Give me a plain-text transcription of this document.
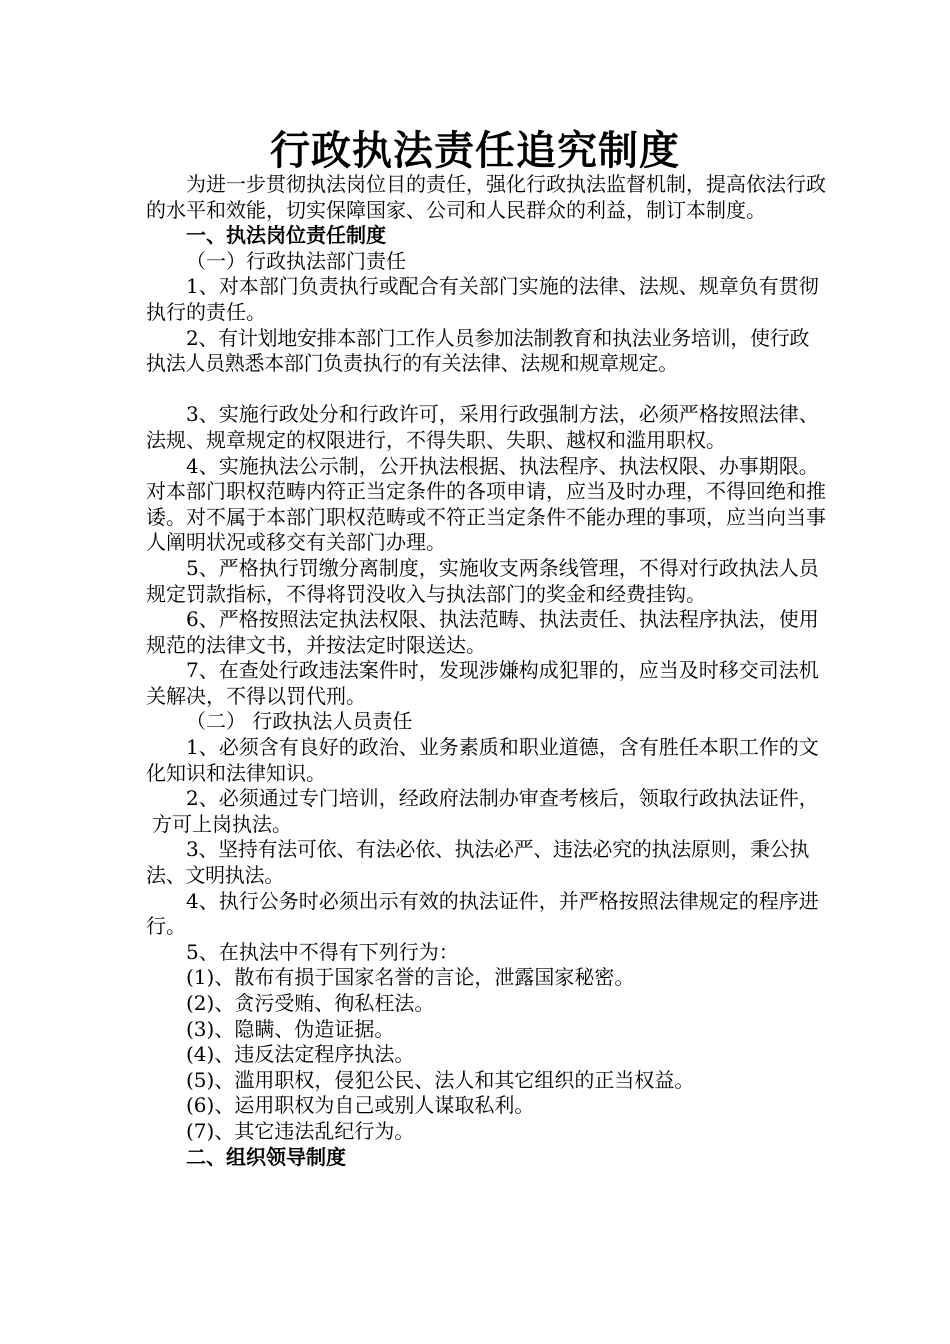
行政执法责任追究制度

为进一步贯彻执法岗位目的责任，强化行政执法监督机制，提高依法行政的水平和效能，切实保障国家、公司和人民群众的利益，制订本制度。

一、执法岗位责任制度

（一）行政执法部门责任

1、对本部门负责执行或配合有关部门实施的法律、法规、规章负有贯彻执行的责任。

2、有计划地安排本部门工作人员参加法制教育和执法业务培训，使行政执法人员熟悉本部门负责执行的有关法律、法规和规章规定。

3、实施行政处分和行政许可，采用行政强制方法，必须严格按照法律、法规、规章规定的权限进行，不得失职、失职、越权和滥用职权。

4、实施执法公示制，公开执法根据、执法程序、执法权限、办事期限。对本部门职权范畴内符正当定条件的各项申请，应当及时办理，不得回绝和推诿。对不属于本部门职权范畴或不符正当定条件不能办理的事项，应当向当事人阐明状况或移交有关部门办理。

5、严格执行罚缴分离制度，实施收支两条线管理，不得对行政执法人员规定罚款指标，不得将罚没收入与执法部门的奖金和经费挂钩。

6、严格按照法定执法权限、执法范畴、执法责任、执法程序执法，使用规范的法律文书，并按法定时限送达。

7、在查处行政违法案件时，发现涉嫌构成犯罪的，应当及时移交司法机关解决，不得以罚代刑。

（二） 行政执法人员责任

1、必须含有良好的政治、业务素质和职业道德，含有胜任本职工作的文化知识和法律知识。

2、必须通过专门培训，经政府法制办审查考核后，领取行政执法证件，方可上岗执法。

3、坚持有法可依、有法必依、执法必严、违法必究的执法原则，秉公执法、文明执法。

4、执行公务时必须出示有效的执法证件，并严格按照法律规定的程序进行。

5、在执法中不得有下列行为：

(1)、散布有损于国家名誉的言论，泄露国家秘密。

(2)、贪污受贿、徇私枉法。

(3)、隐瞒、伪造证据。

(4)、违反法定程序执法。

(5)、滥用职权，侵犯公民、法人和其它组织的正当权益。

(6)、运用职权为自己或别人谋取私利。

(7)、其它违法乱纪行为。

二、组织领导制度
